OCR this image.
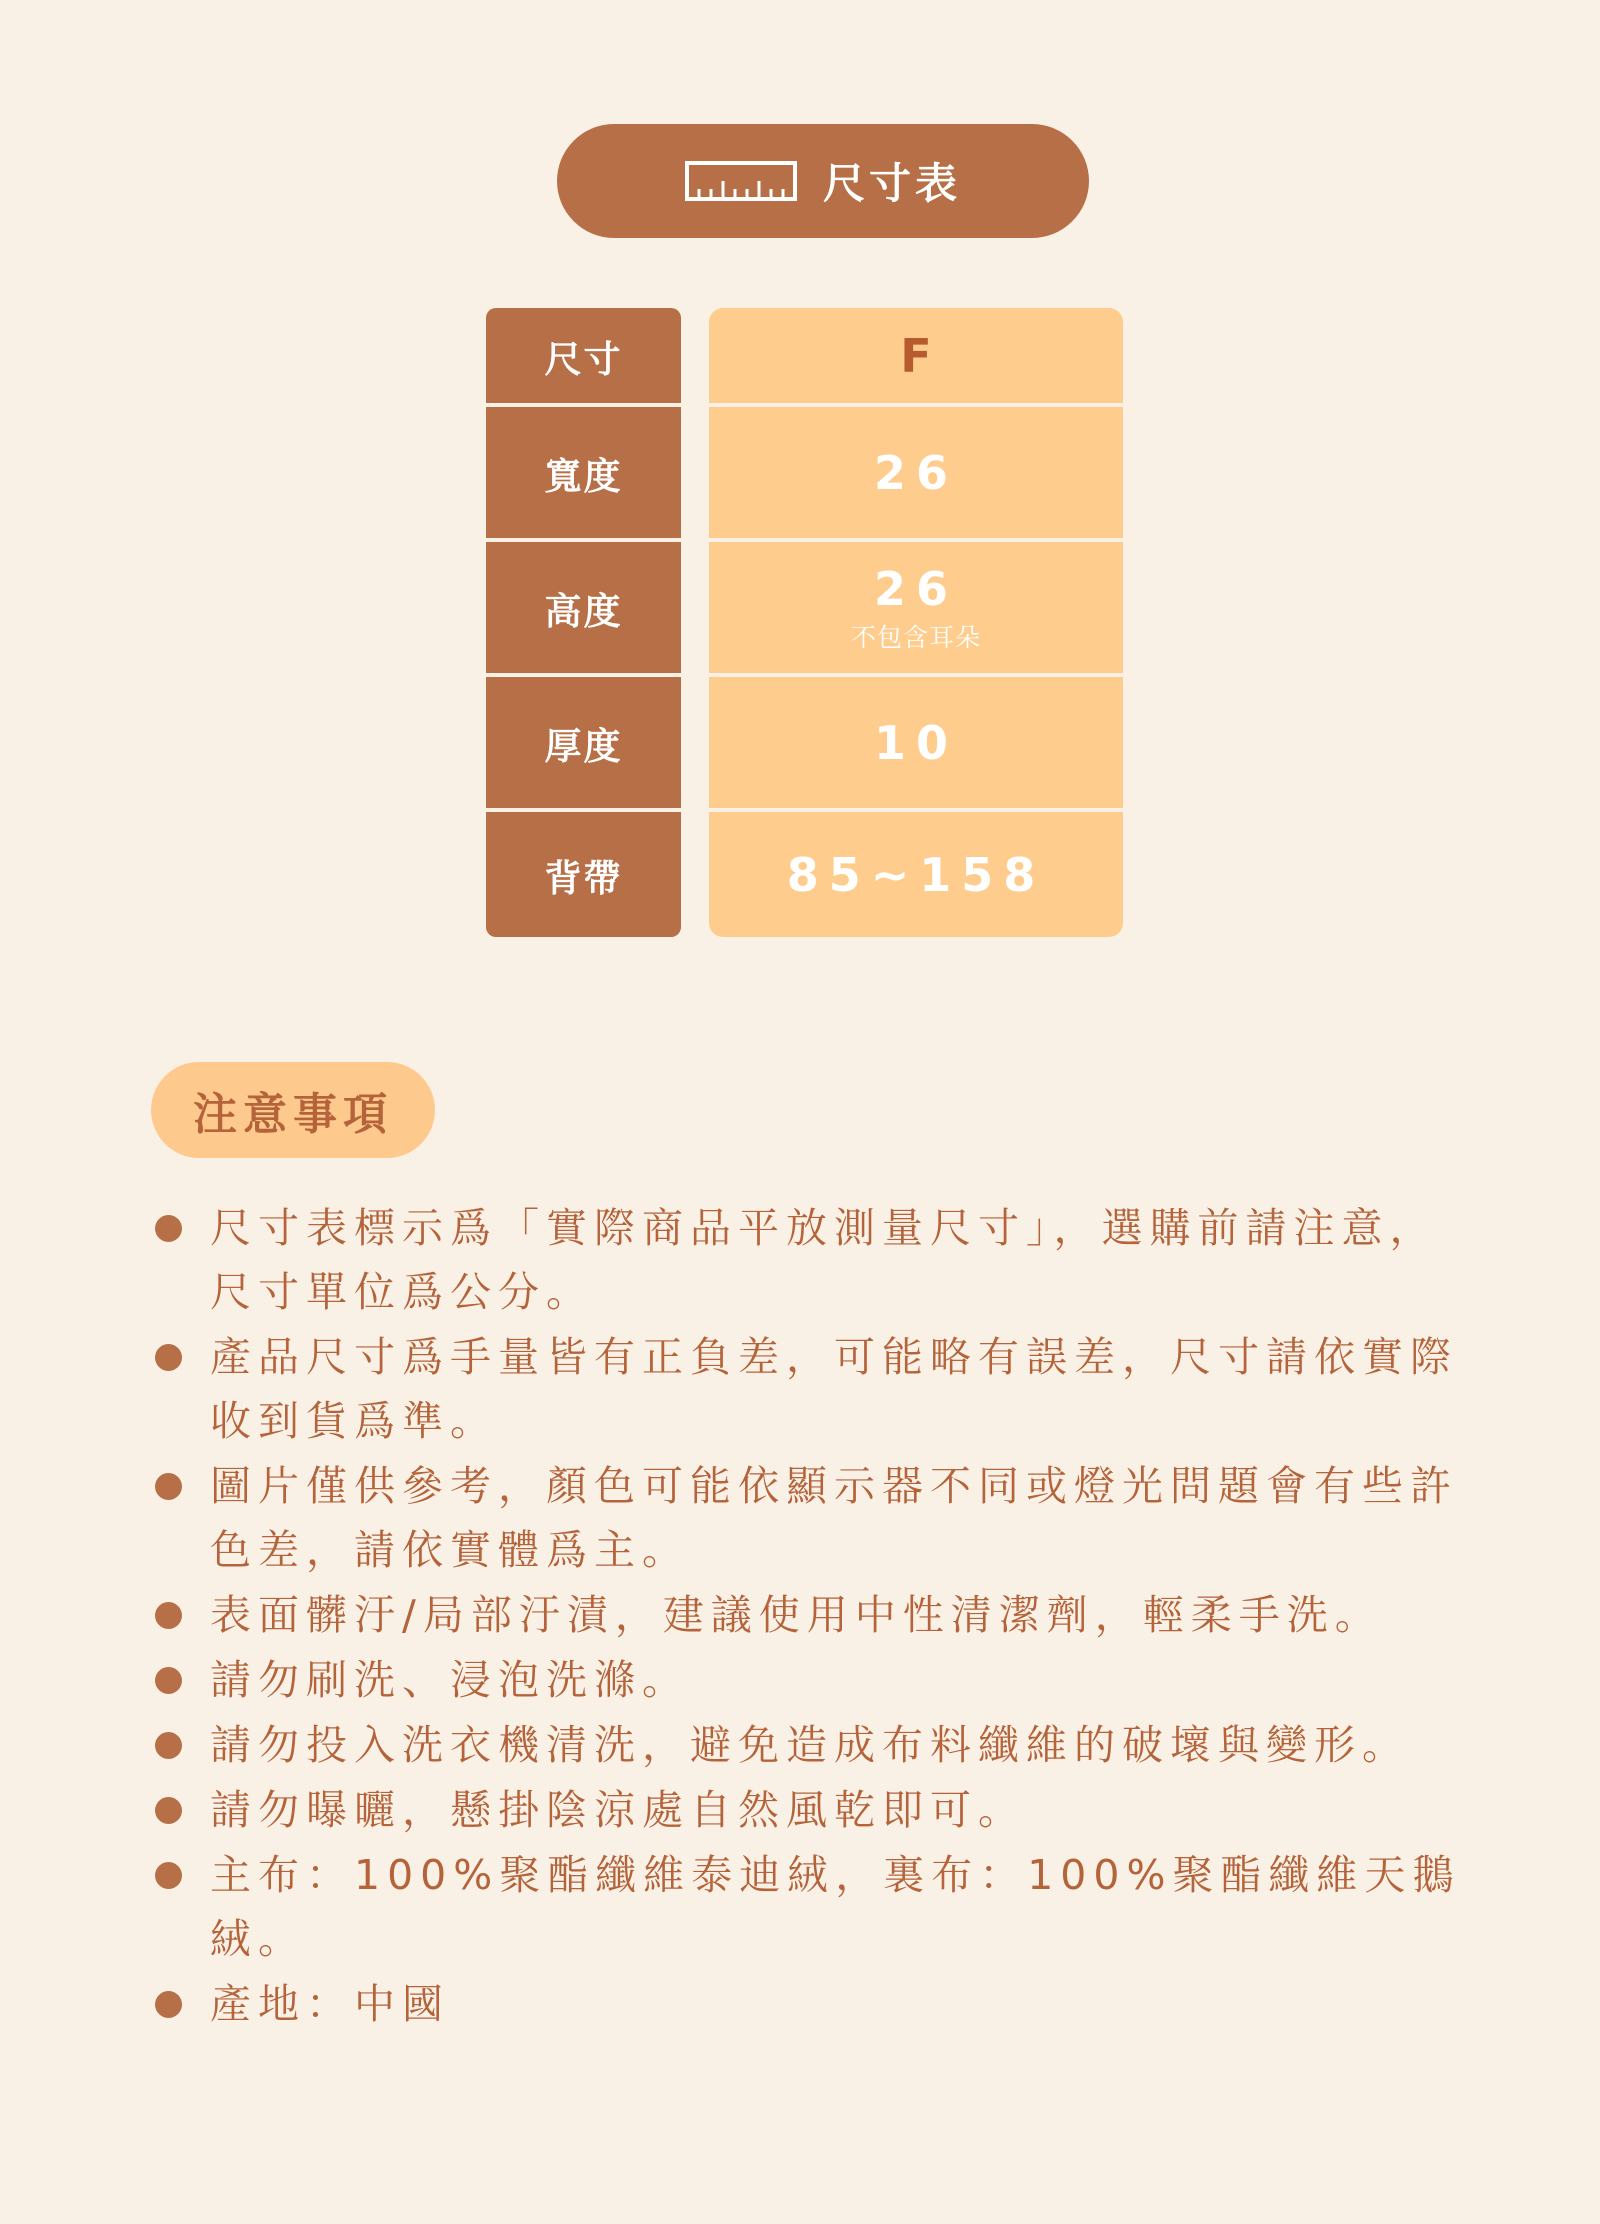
尺寸表
尺寸
寬度
高度
厚度
背帶
F
26
26
不包含耳朵
10
85~158
注意事項
尺寸表標示爲「實際商品平放測量尺寸」，選購前請注意，尺寸單位爲公分。
產品尺寸爲手量皆有正負差，可能略有誤差，尺寸請依實際收到貨爲準。
圖片僅供參考，顏色可能依顯示器不同或燈光問題會有些許色差，請依實體爲主。
表面髒汙/局部汙漬，建議使用中性清潔劑，輕柔手洗。
請勿刷洗、浸泡洗滌。
請勿投入洗衣機清洗，避免造成布料纖維的破壞與變形。
請勿曝曬，懸掛陰涼處自然風乾即可。
主布：100%聚酯纖維泰迪絨，裏布：100%聚酯纖維天鵝絨。
產地：中國
